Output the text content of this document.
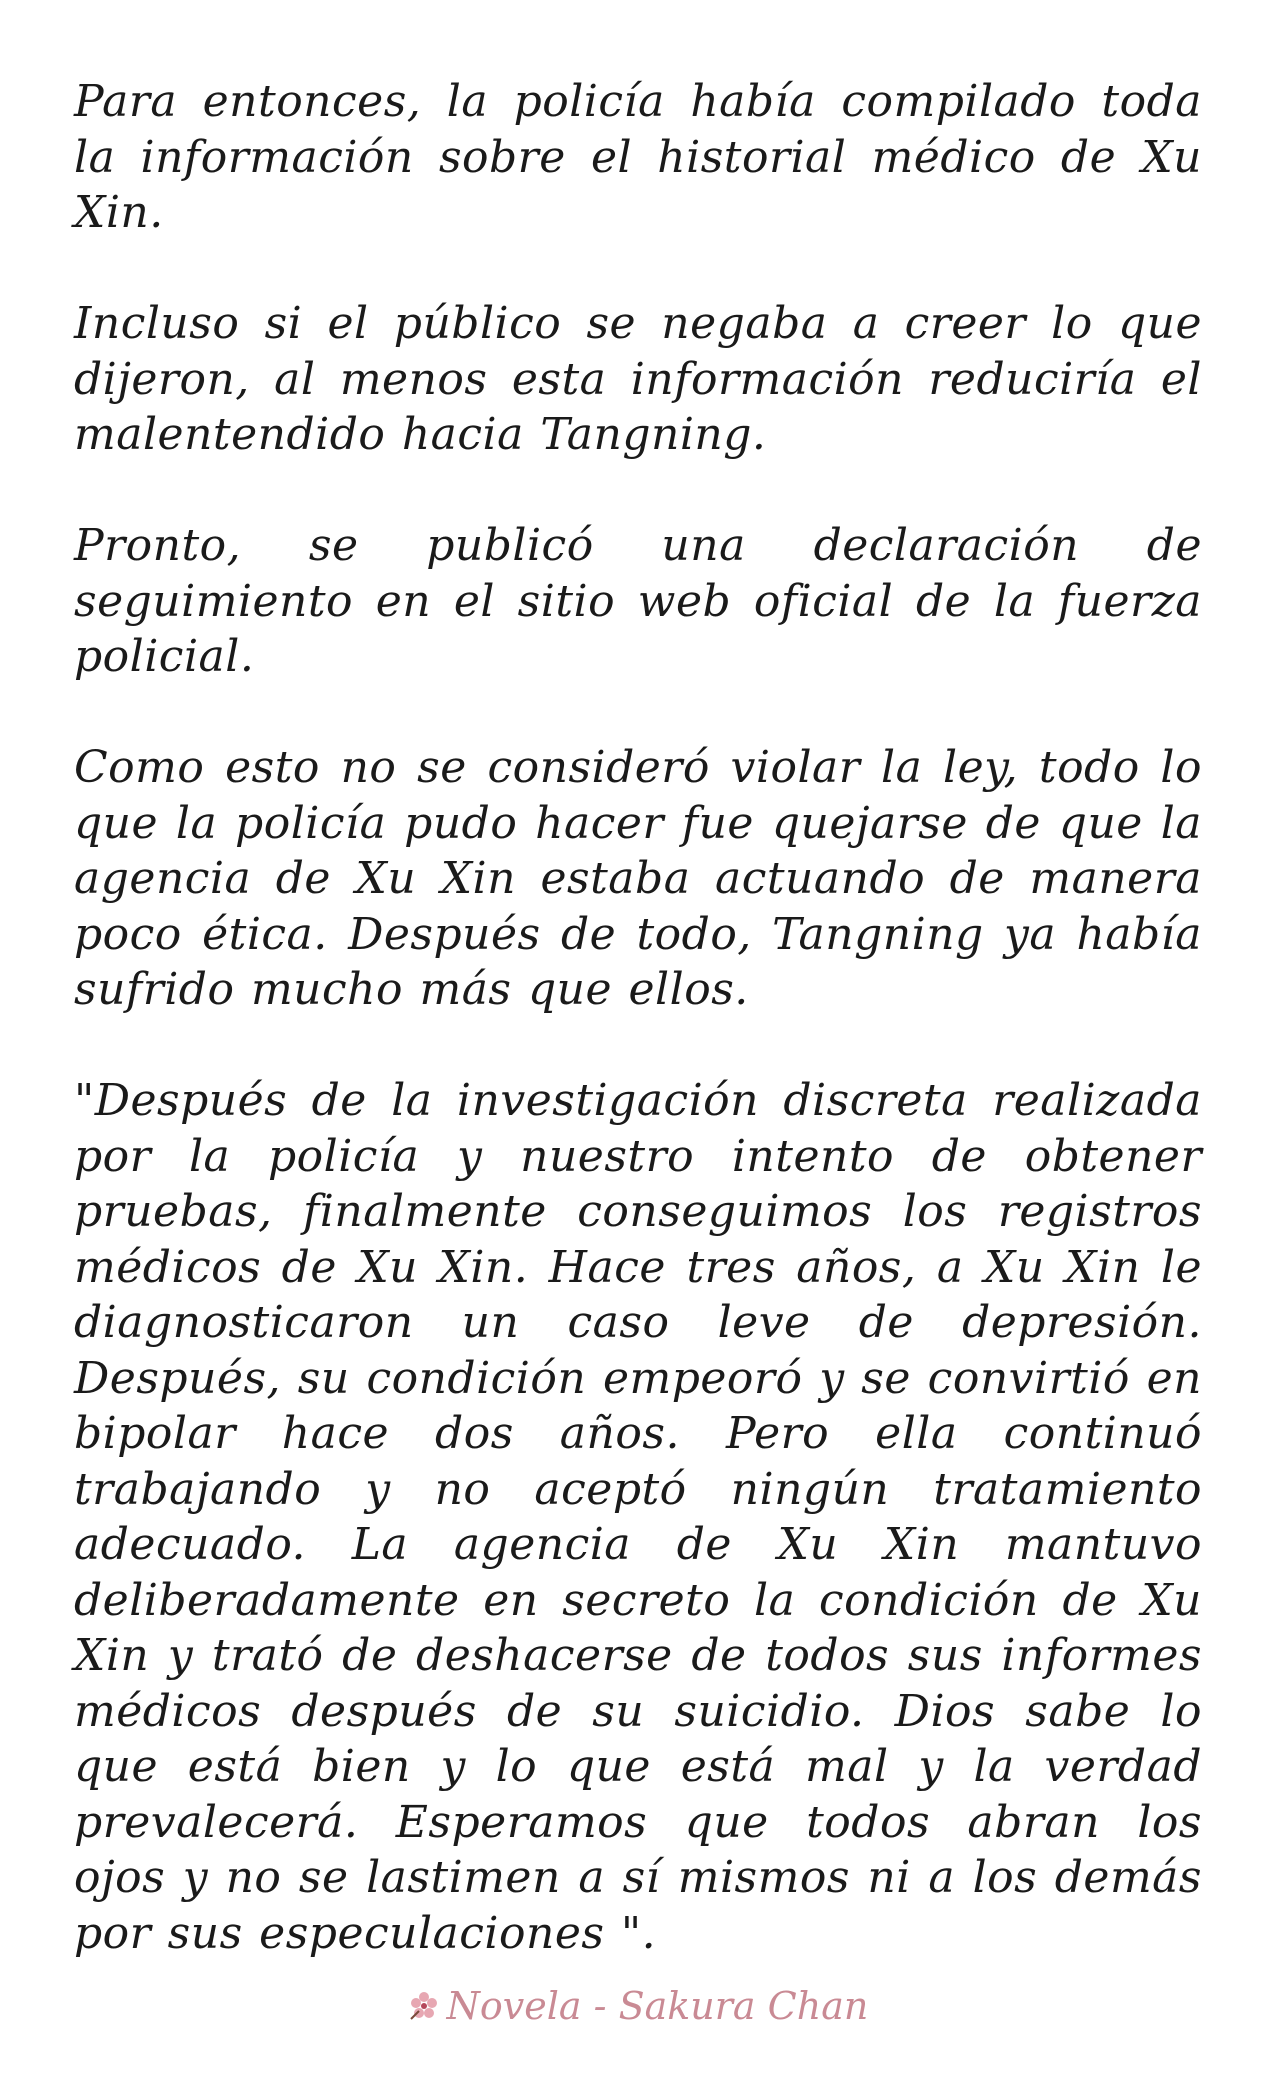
Para entonces, la policía había compilado toda la información sobre el historial médico de Xu Xin.

Incluso si el público se negaba a creer lo que dijeron, al menos esta información reduciría el malentendido hacia Tangning.

Pronto, se publicó una declaración de seguimiento en el sitio web oficial de la fuerza policial.

Como esto no se consideró violar la ley, todo lo que la policía pudo hacer fue quejarse de que la agencia de Xu Xin estaba actuando de manera poco ética. Después de todo, Tangning ya había sufrido mucho más que ellos.

"Después de la investigación discreta realizada por la policía y nuestro intento de obtener pruebas, finalmente conseguimos los registros médicos de Xu Xin. Hace tres años, a Xu Xin le diagnosticaron un caso leve de depresión. Después, su condición empeoró y se convirtió en bipolar hace dos años. Pero ella continuó trabajando y no aceptó ningún tratamiento adecuado. La agencia de Xu Xin mantuvo deliberadamente en secreto la condición de Xu Xin y trató de deshacerse de todos sus informes médicos después de su suicidio. Dios sabe lo que está bien y lo que está mal y la verdad prevalecerá. Esperamos que todos abran los ojos y no se lastimen a sí mismos ni a los demás por sus especulaciones ".

Novela - Sakura Chan
